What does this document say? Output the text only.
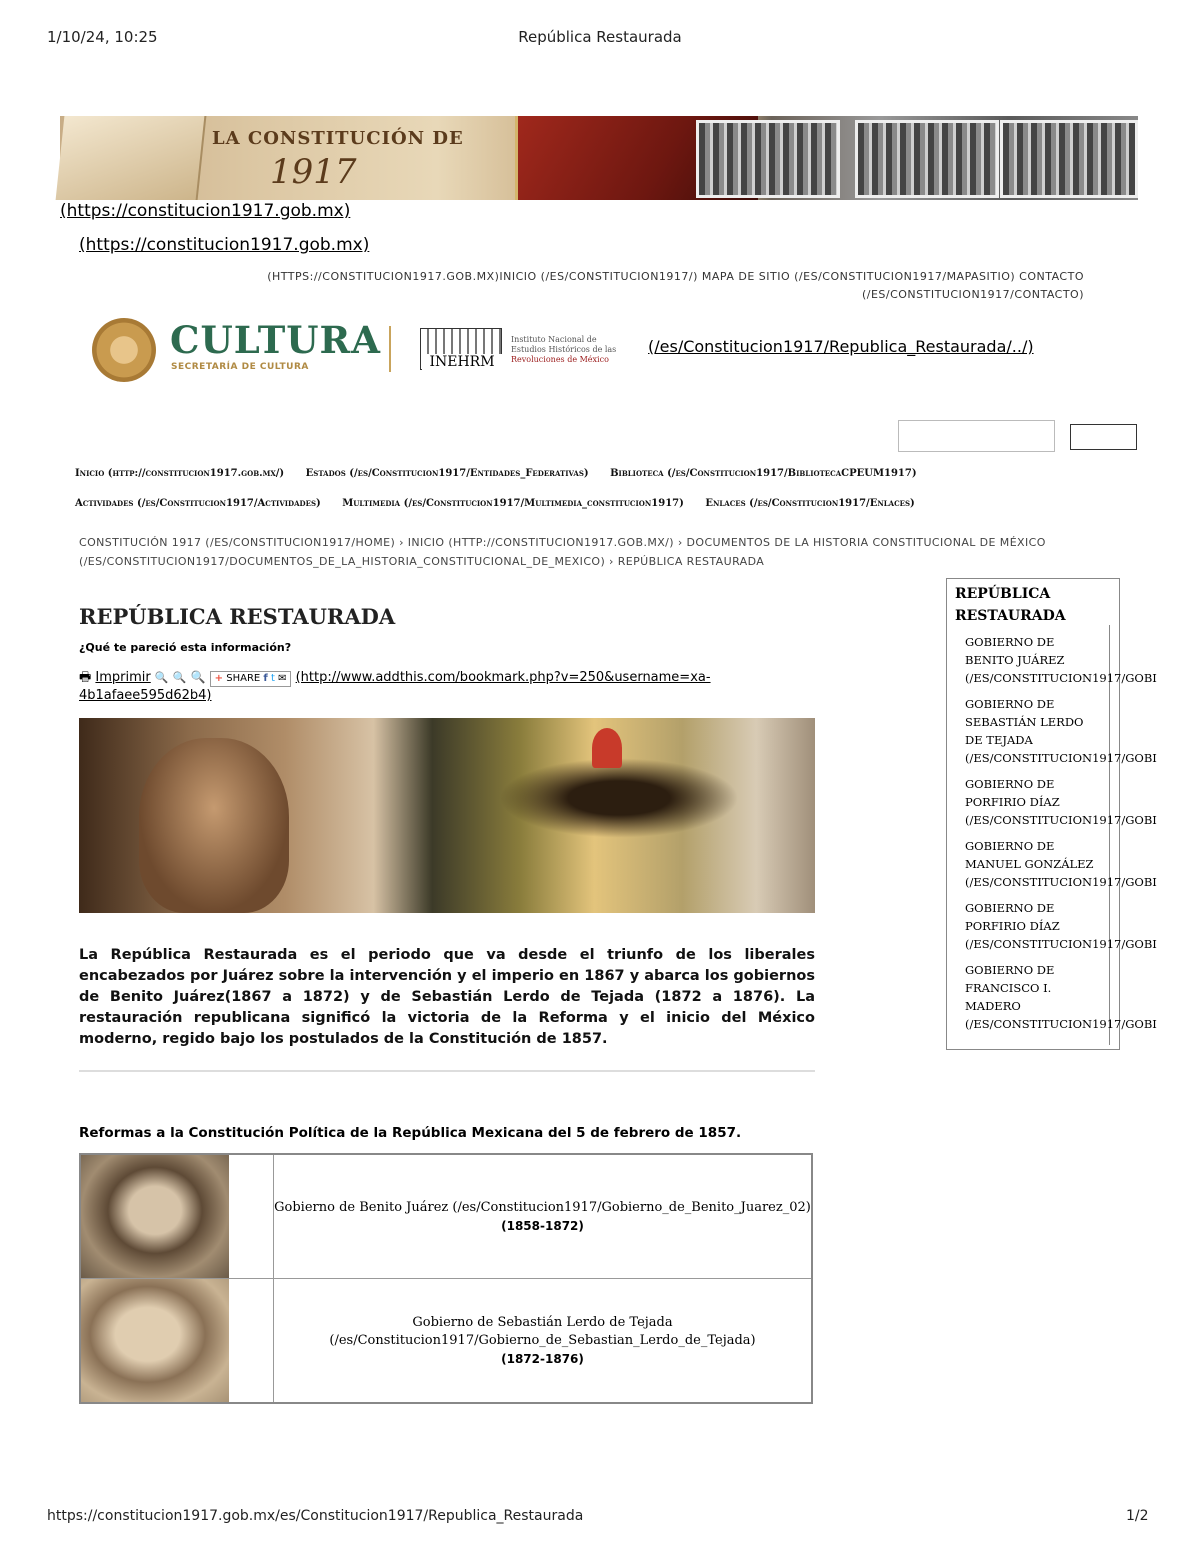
1/10/24, 10:25	República Restaurada
LA CONSTITUCIÓN DE
1917
(https://constitucion1917.gob.mx)
(https://constitucion1917.gob.mx)
(HTTPS://CONSTITUCION1917.GOB.MX)INICIO (/ES/CONSTITUCION1917/) MAPA DE SITIO (/ES/CONSTITUCION1917/MAPASITIO) CONTACTO
(/ES/CONSTITUCION1917/CONTACTO)
CULTURA
SECRETARÍA DE CULTURA	INEHRM
Instituto Nacional de
Estudios Históricos de las
Revoluciones de México
(/es/Constitucion1917/Republica_Restaurada/../)
Inicio (http://constitucion1917.gob.mx/) Estados (/es/Constitucion1917/Entidades_Federativas) Biblioteca (/es/Constitucion1917/BibliotecaCPEUM1917)
Actividades (/es/Constitucion1917/Actividades) Multimedia (/es/Constitucion1917/Multimedia_constitucion1917) Enlaces (/es/Constitucion1917/Enlaces)
CONSTITUCIÓN 1917 (/ES/CONSTITUCION1917/HOME) › INICIO (HTTP://CONSTITUCION1917.GOB.MX/) › DOCUMENTOS DE LA HISTORIA CONSTITUCIONAL DE MÉXICO
(/ES/CONSTITUCION1917/DOCUMENTOS_DE_LA_HISTORIA_CONSTITUCIONAL_DE_MEXICO) › REPÚBLICA RESTAURADA
REPÚBLICA RESTAURADA
¿Qué te pareció esta información?
🖶 Imprimir 🔍 🔍 🔍 + SHARE f t ✉ (http://www.addthis.com/bookmark.php?v=250&username=xa-
4b1afaee595d62b4)
La República Restaurada es el periodo que va desde el triunfo de los liberales encabezados por Juárez sobre la intervención y el imperio en 1867 y abarca los gobiernos de Benito Juárez(1867 a 1872) y de Sebastián Lerdo de Tejada (1872 a 1876). La restauración republicana significó la victoria de la Reforma y el inicio del México moderno, regido bajo los postulados de la Constitución de 1857.
Reformas a la Constitución Política de la República Mexicana del 5 de febrero de 1857.

	Gobierno de Benito Juárez (/es/Constitucion1917/Gobierno_de_Benito_Juarez_02)
(1858-1872)

	Gobierno de Sebastián Lerdo de Tejada
(/es/Constitucion1917/Gobierno_de_Sebastian_Lerdo_de_Tejada)
(1872-1876)
REPÚBLICA RESTAURADA
GOBIERNO DE
BENITO JUÁREZ
(/ES/CONSTITUCION1917/GOBI
GOBIERNO DE
SEBASTIÁN LERDO
DE TEJADA
(/ES/CONSTITUCION1917/GOBI
GOBIERNO DE
PORFIRIO DÍAZ
(/ES/CONSTITUCION1917/GOBI
GOBIERNO DE
MANUEL GONZÁLEZ
(/ES/CONSTITUCION1917/GOBI
GOBIERNO DE
PORFIRIO DÍAZ
(/ES/CONSTITUCION1917/GOBI
GOBIERNO DE
FRANCISCO I.
MADERO
(/ES/CONSTITUCION1917/GOBI
https://constitucion1917.gob.mx/es/Constitucion1917/Republica_Restaurada	1/2
